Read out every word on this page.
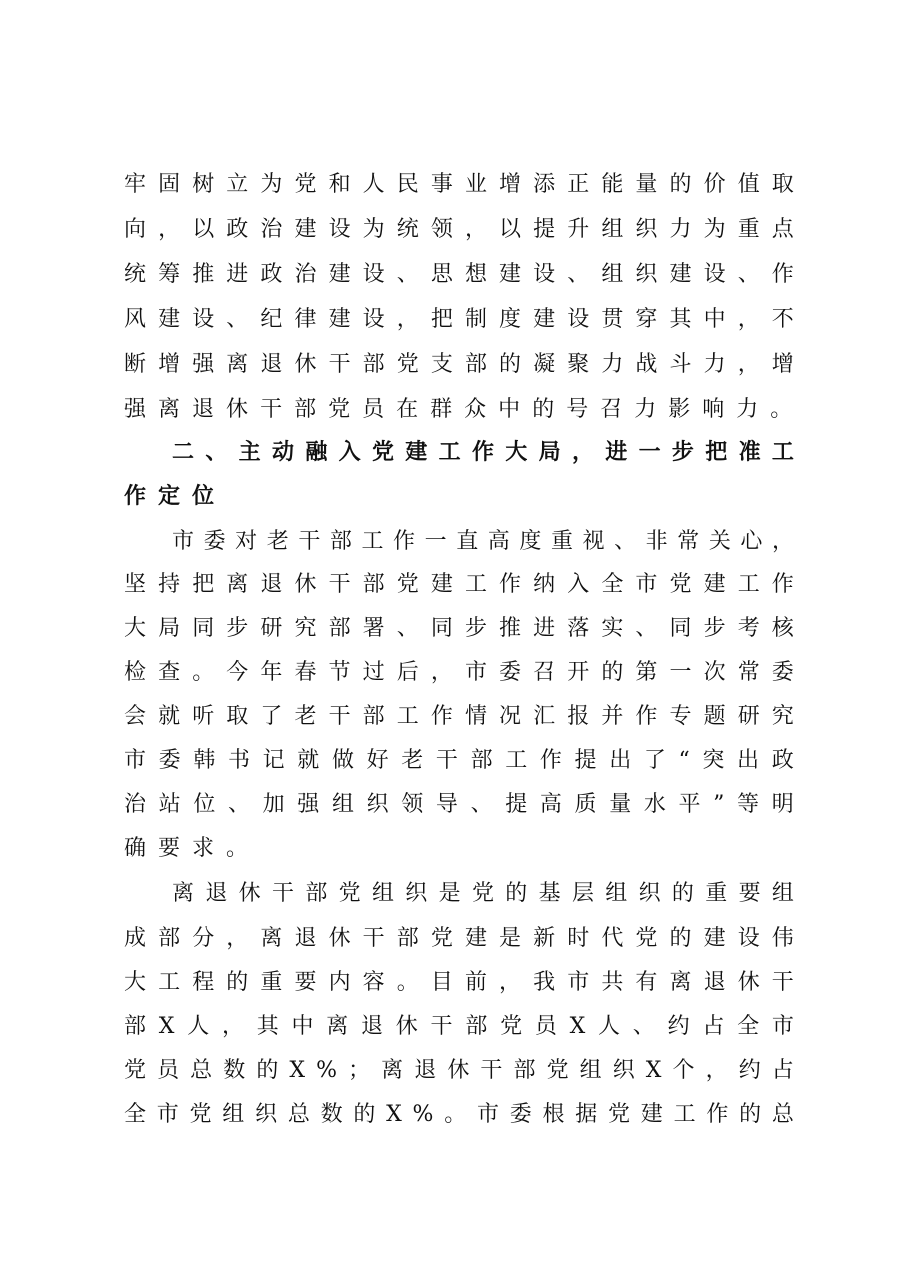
牢 固 树 立 为 党 和 人 民 事 业 增 添 正 能 量 的 价 值 取
向 ， 以 政 治 建 设 为 统 领 ， 以 提 升 组 织 力 为 重 点
统 筹 推 进 政 治 建 设 、 思 想 建 设 、 组 织 建 设 、 作
风 建 设 、 纪 律 建 设 ， 把 制 度 建 设 贯 穿 其 中 ， 不
断 增 强 离 退 休 干 部 党 支 部 的 凝 聚 力 战 斗 力 ， 增
强 离 退 休 干 部 党 员 在 群 众 中 的 号 召 力 影 响 力 。
二 、 主 动 融 入 党 建 工 作 大 局 ， 进 一 步 把 准 工
作 定 位
市 委 对 老 干 部 工 作 一 直 高 度 重 视 、 非 常 关 心 ，
坚 持 把 离 退 休 干 部 党 建 工 作 纳 入 全 市 党 建 工 作
大 局 同 步 研 究 部 署 、 同 步 推 进 落 实 、 同 步 考 核
检 查 。 今 年 春 节 过 后 ， 市 委 召 开 的 第 一 次 常 委
会 就 听 取 了 老 干 部 工 作 情 况 汇 报 并 作 专 题 研 究
市 委 韩 书 记 就 做 好 老 干 部 工 作 提 出 了 “ 突 出 政
治 站 位 、 加 强 组 织 领 导 、 提 高 质 量 水 平 ” 等 明
确 要 求 。
离 退 休 干 部 党 组 织 是 党 的 基 层 组 织 的 重 要 组
成 部 分 ， 离 退 休 干 部 党 建 是 新 时 代 党 的 建 设 伟
大 工 程 的 重 要 内 容 。 目 前 ， 我 市 共 有 离 退 休 干
部 X 人 ， 其 中 离 退 休 干 部 党 员 X 人 、 约 占 全 市
党 员 总 数 的 X % ； 离 退 休 干 部 党 组 织 X 个 ， 约 占
全 市 党 组 织 总 数 的 X % 。 市 委 根 据 党 建 工 作 的 总
